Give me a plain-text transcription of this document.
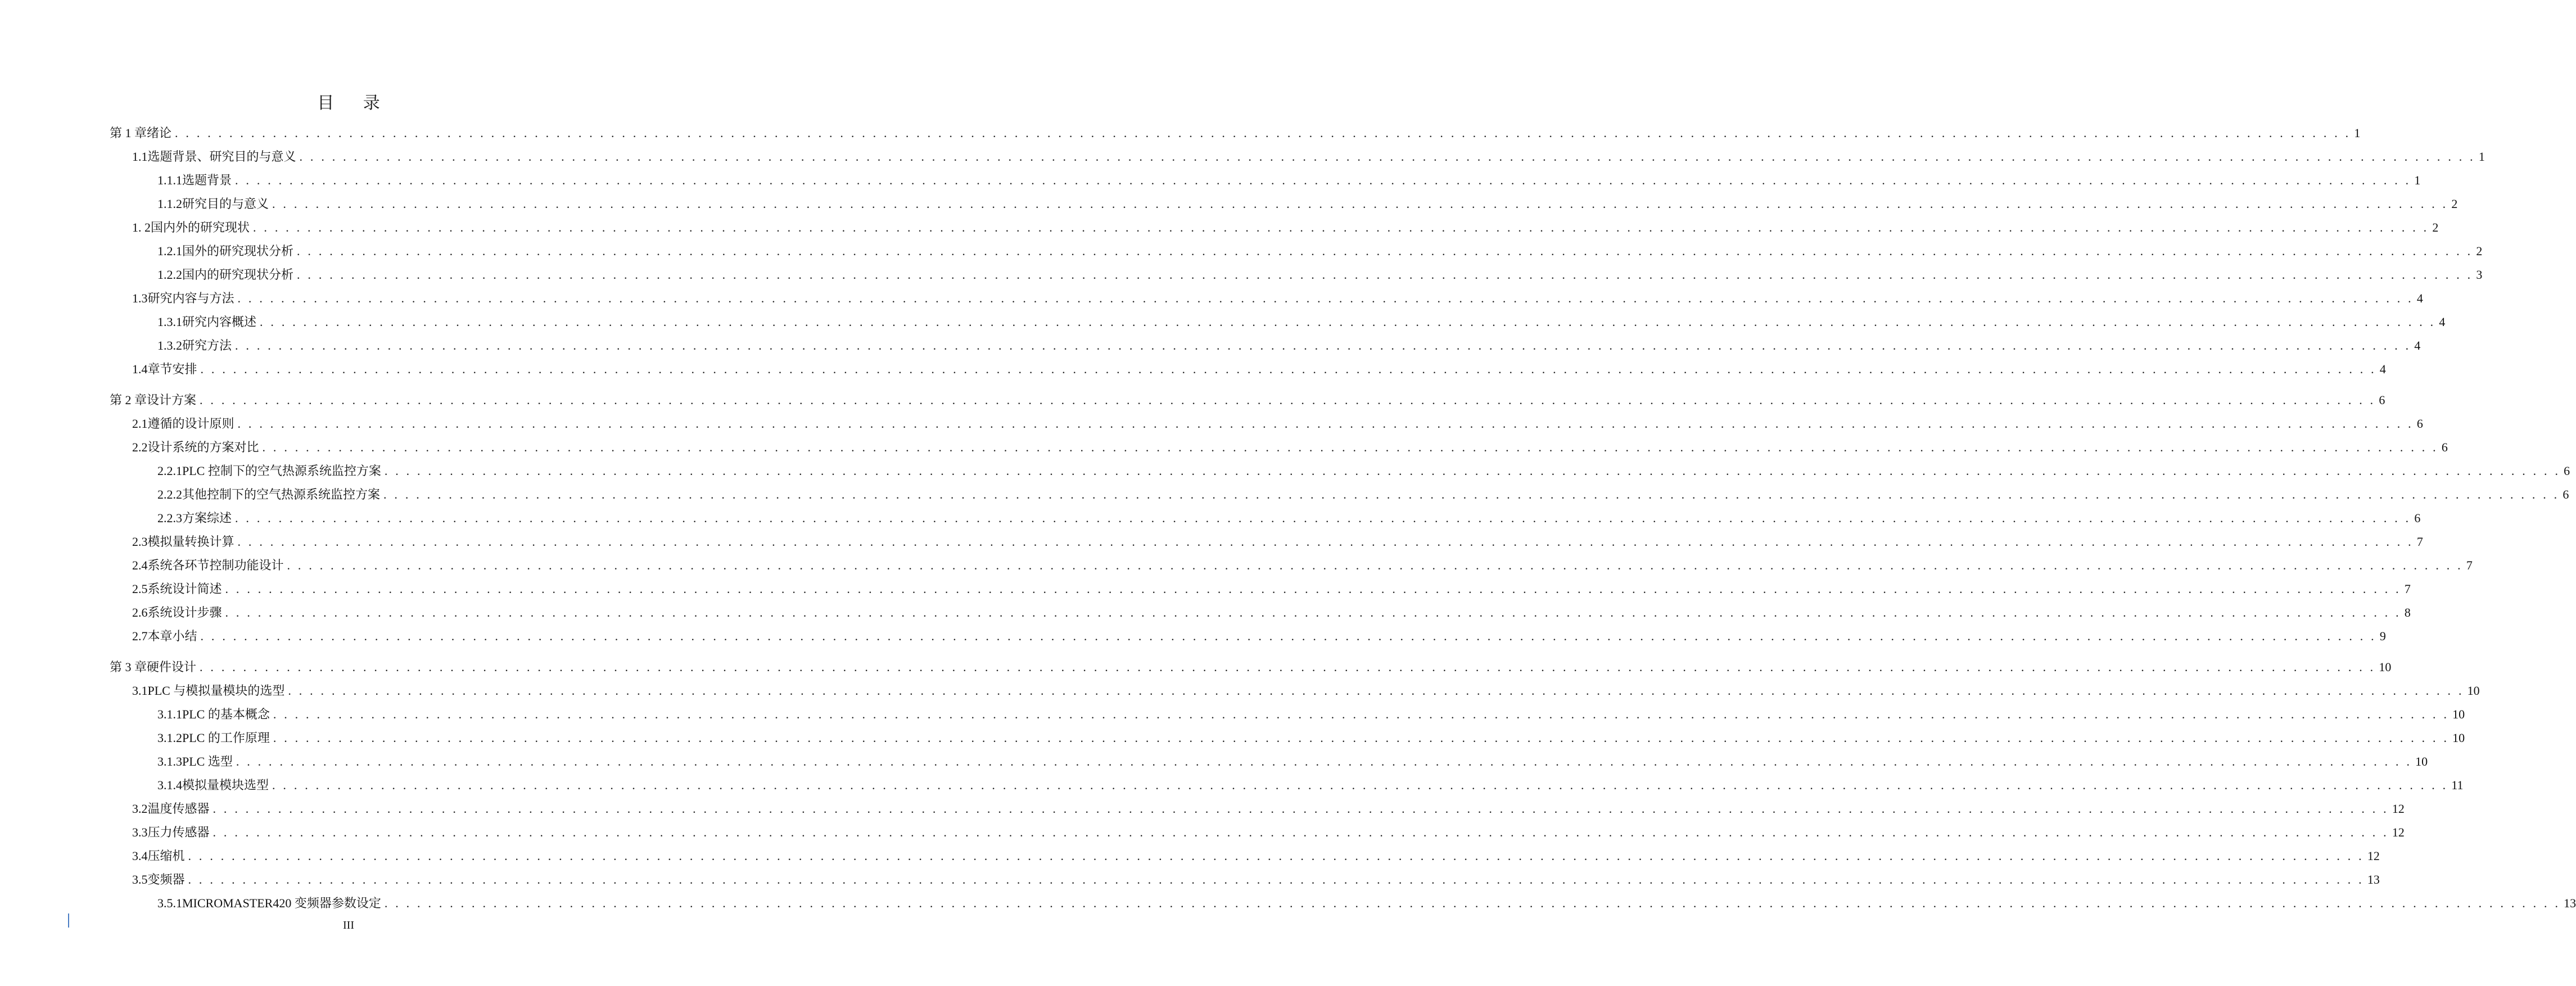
目 录
第 1 章 绪论 . . . . . . . . . . . . . . . . . . . . . . . . . . . . . . . . . . . . . . . . . . . . . . . . . . . . . . . . . . . . . . . . . . . . . . . . . . . . . . . . . . . . . . . . . . . . . . . . . . . . . . . . . . . . . . . . . . . . . . . . . . . . . . . . . . . . . . . . . . . . . . . . . . . . . . . . . . . . . . . . . . . . . . . . . . . . . . . . . . . . . . . . . . . . . . . . . . . . . . . . 1
1.1 选题背景、研究目的与意义 . . . . . . . . . . . . . . . . . . . . . . . . . . . . . . . . . . . . . . . . . . . . . . . . . . . . . . . . . . . . . . . . . . . . . . . . . . . . . . . . . . . . . . . . . . . . . . . . . . . . . . . . . . . . . . . . . . . . . . . . . . . . . . . . . . . . . . . . . . . . . . . . . . . . . . . . . . . . . . . . . . . . . . . . . . . . . . . . . . . . . . . . . . . . . . . . . . . . . . . . 1
1.1.1 选题背景 . . . . . . . . . . . . . . . . . . . . . . . . . . . . . . . . . . . . . . . . . . . . . . . . . . . . . . . . . . . . . . . . . . . . . . . . . . . . . . . . . . . . . . . . . . . . . . . . . . . . . . . . . . . . . . . . . . . . . . . . . . . . . . . . . . . . . . . . . . . . . . . . . . . . . . . . . . . . . . . . . . . . . . . . . . . . . . . . . . . . . . . . . . . . . . . . . . . . . . . . 1
1.1.2 研究目的与意义 . . . . . . . . . . . . . . . . . . . . . . . . . . . . . . . . . . . . . . . . . . . . . . . . . . . . . . . . . . . . . . . . . . . . . . . . . . . . . . . . . . . . . . . . . . . . . . . . . . . . . . . . . . . . . . . . . . . . . . . . . . . . . . . . . . . . . . . . . . . . . . . . . . . . . . . . . . . . . . . . . . . . . . . . . . . . . . . . . . . . . . . . . . . . . . . . . . . . . . . . 2
1. 2 国内外的研究现状 . . . . . . . . . . . . . . . . . . . . . . . . . . . . . . . . . . . . . . . . . . . . . . . . . . . . . . . . . . . . . . . . . . . . . . . . . . . . . . . . . . . . . . . . . . . . . . . . . . . . . . . . . . . . . . . . . . . . . . . . . . . . . . . . . . . . . . . . . . . . . . . . . . . . . . . . . . . . . . . . . . . . . . . . . . . . . . . . . . . . . . . . . . . . . . . . . . . . . . . . 2
1.2.1 国外的研究现状分析 . . . . . . . . . . . . . . . . . . . . . . . . . . . . . . . . . . . . . . . . . . . . . . . . . . . . . . . . . . . . . . . . . . . . . . . . . . . . . . . . . . . . . . . . . . . . . . . . . . . . . . . . . . . . . . . . . . . . . . . . . . . . . . . . . . . . . . . . . . . . . . . . . . . . . . . . . . . . . . . . . . . . . . . . . . . . . . . . . . . . . . . . . . . . . . . . . . . . . . . . 2
1.2.2 国内的研究现状分析 . . . . . . . . . . . . . . . . . . . . . . . . . . . . . . . . . . . . . . . . . . . . . . . . . . . . . . . . . . . . . . . . . . . . . . . . . . . . . . . . . . . . . . . . . . . . . . . . . . . . . . . . . . . . . . . . . . . . . . . . . . . . . . . . . . . . . . . . . . . . . . . . . . . . . . . . . . . . . . . . . . . . . . . . . . . . . . . . . . . . . . . . . . . . . . . . . . . . . . . . 3
1.3 研究内容与方法 . . . . . . . . . . . . . . . . . . . . . . . . . . . . . . . . . . . . . . . . . . . . . . . . . . . . . . . . . . . . . . . . . . . . . . . . . . . . . . . . . . . . . . . . . . . . . . . . . . . . . . . . . . . . . . . . . . . . . . . . . . . . . . . . . . . . . . . . . . . . . . . . . . . . . . . . . . . . . . . . . . . . . . . . . . . . . . . . . . . . . . . . . . . . . . . . . . . . . . . . 4
1.3.1 研究内容概述 . . . . . . . . . . . . . . . . . . . . . . . . . . . . . . . . . . . . . . . . . . . . . . . . . . . . . . . . . . . . . . . . . . . . . . . . . . . . . . . . . . . . . . . . . . . . . . . . . . . . . . . . . . . . . . . . . . . . . . . . . . . . . . . . . . . . . . . . . . . . . . . . . . . . . . . . . . . . . . . . . . . . . . . . . . . . . . . . . . . . . . . . . . . . . . . . . . . . . . . . 4
1.3.2 研究方法 . . . . . . . . . . . . . . . . . . . . . . . . . . . . . . . . . . . . . . . . . . . . . . . . . . . . . . . . . . . . . . . . . . . . . . . . . . . . . . . . . . . . . . . . . . . . . . . . . . . . . . . . . . . . . . . . . . . . . . . . . . . . . . . . . . . . . . . . . . . . . . . . . . . . . . . . . . . . . . . . . . . . . . . . . . . . . . . . . . . . . . . . . . . . . . . . . . . . . . . . 4
1.4 章节安排 . . . . . . . . . . . . . . . . . . . . . . . . . . . . . . . . . . . . . . . . . . . . . . . . . . . . . . . . . . . . . . . . . . . . . . . . . . . . . . . . . . . . . . . . . . . . . . . . . . . . . . . . . . . . . . . . . . . . . . . . . . . . . . . . . . . . . . . . . . . . . . . . . . . . . . . . . . . . . . . . . . . . . . . . . . . . . . . . . . . . . . . . . . . . . . . . . . . . . . . . 4
第 2 章 设计方案 . . . . . . . . . . . . . . . . . . . . . . . . . . . . . . . . . . . . . . . . . . . . . . . . . . . . . . . . . . . . . . . . . . . . . . . . . . . . . . . . . . . . . . . . . . . . . . . . . . . . . . . . . . . . . . . . . . . . . . . . . . . . . . . . . . . . . . . . . . . . . . . . . . . . . . . . . . . . . . . . . . . . . . . . . . . . . . . . . . . . . . . . . . . . . . . . . . . . . . . . 6
2.1 遵循的设计原则 . . . . . . . . . . . . . . . . . . . . . . . . . . . . . . . . . . . . . . . . . . . . . . . . . . . . . . . . . . . . . . . . . . . . . . . . . . . . . . . . . . . . . . . . . . . . . . . . . . . . . . . . . . . . . . . . . . . . . . . . . . . . . . . . . . . . . . . . . . . . . . . . . . . . . . . . . . . . . . . . . . . . . . . . . . . . . . . . . . . . . . . . . . . . . . . . . . . . . . . . 6
2.2 设计系统的方案对比 . . . . . . . . . . . . . . . . . . . . . . . . . . . . . . . . . . . . . . . . . . . . . . . . . . . . . . . . . . . . . . . . . . . . . . . . . . . . . . . . . . . . . . . . . . . . . . . . . . . . . . . . . . . . . . . . . . . . . . . . . . . . . . . . . . . . . . . . . . . . . . . . . . . . . . . . . . . . . . . . . . . . . . . . . . . . . . . . . . . . . . . . . . . . . . . . . . . . . . . . 6
2.2.1 PLC 控制下的空气热源系统监控方案 . . . . . . . . . . . . . . . . . . . . . . . . . . . . . . . . . . . . . . . . . . . . . . . . . . . . . . . . . . . . . . . . . . . . . . . . . . . . . . . . . . . . . . . . . . . . . . . . . . . . . . . . . . . . . . . . . . . . . . . . . . . . . . . . . . . . . . . . . . . . . . . . . . . . . . . . . . . . . . . . . . . . . . . . . . . . . . . . . . . . . . . . . . . . . . . . . . . . . . . . 6
2.2.2 其他控制下的空气热源系统监控方案 . . . . . . . . . . . . . . . . . . . . . . . . . . . . . . . . . . . . . . . . . . . . . . . . . . . . . . . . . . . . . . . . . . . . . . . . . . . . . . . . . . . . . . . . . . . . . . . . . . . . . . . . . . . . . . . . . . . . . . . . . . . . . . . . . . . . . . . . . . . . . . . . . . . . . . . . . . . . . . . . . . . . . . . . . . . . . . . . . . . . . . . . . . . . . . . . . . . . . . . . 6
2.2.3 方案综述 . . . . . . . . . . . . . . . . . . . . . . . . . . . . . . . . . . . . . . . . . . . . . . . . . . . . . . . . . . . . . . . . . . . . . . . . . . . . . . . . . . . . . . . . . . . . . . . . . . . . . . . . . . . . . . . . . . . . . . . . . . . . . . . . . . . . . . . . . . . . . . . . . . . . . . . . . . . . . . . . . . . . . . . . . . . . . . . . . . . . . . . . . . . . . . . . . . . . . . . . 6
2.3 模拟量转换计算 . . . . . . . . . . . . . . . . . . . . . . . . . . . . . . . . . . . . . . . . . . . . . . . . . . . . . . . . . . . . . . . . . . . . . . . . . . . . . . . . . . . . . . . . . . . . . . . . . . . . . . . . . . . . . . . . . . . . . . . . . . . . . . . . . . . . . . . . . . . . . . . . . . . . . . . . . . . . . . . . . . . . . . . . . . . . . . . . . . . . . . . . . . . . . . . . . . . . . . . . 7
2.4 系统各环节控制功能设计 . . . . . . . . . . . . . . . . . . . . . . . . . . . . . . . . . . . . . . . . . . . . . . . . . . . . . . . . . . . . . . . . . . . . . . . . . . . . . . . . . . . . . . . . . . . . . . . . . . . . . . . . . . . . . . . . . . . . . . . . . . . . . . . . . . . . . . . . . . . . . . . . . . . . . . . . . . . . . . . . . . . . . . . . . . . . . . . . . . . . . . . . . . . . . . . . . . . . . . . . 7
2.5 系统设计简述 . . . . . . . . . . . . . . . . . . . . . . . . . . . . . . . . . . . . . . . . . . . . . . . . . . . . . . . . . . . . . . . . . . . . . . . . . . . . . . . . . . . . . . . . . . . . . . . . . . . . . . . . . . . . . . . . . . . . . . . . . . . . . . . . . . . . . . . . . . . . . . . . . . . . . . . . . . . . . . . . . . . . . . . . . . . . . . . . . . . . . . . . . . . . . . . . . . . . . . . . 7
2.6 系统设计步骤 . . . . . . . . . . . . . . . . . . . . . . . . . . . . . . . . . . . . . . . . . . . . . . . . . . . . . . . . . . . . . . . . . . . . . . . . . . . . . . . . . . . . . . . . . . . . . . . . . . . . . . . . . . . . . . . . . . . . . . . . . . . . . . . . . . . . . . . . . . . . . . . . . . . . . . . . . . . . . . . . . . . . . . . . . . . . . . . . . . . . . . . . . . . . . . . . . . . . . . . . 8
2.7 本章小结 . . . . . . . . . . . . . . . . . . . . . . . . . . . . . . . . . . . . . . . . . . . . . . . . . . . . . . . . . . . . . . . . . . . . . . . . . . . . . . . . . . . . . . . . . . . . . . . . . . . . . . . . . . . . . . . . . . . . . . . . . . . . . . . . . . . . . . . . . . . . . . . . . . . . . . . . . . . . . . . . . . . . . . . . . . . . . . . . . . . . . . . . . . . . . . . . . . . . . . . . 9
第 3 章 硬件设计 . . . . . . . . . . . . . . . . . . . . . . . . . . . . . . . . . . . . . . . . . . . . . . . . . . . . . . . . . . . . . . . . . . . . . . . . . . . . . . . . . . . . . . . . . . . . . . . . . . . . . . . . . . . . . . . . . . . . . . . . . . . . . . . . . . . . . . . . . . . . . . . . . . . . . . . . . . . . . . . . . . . . . . . . . . . . . . . . . . . . . . . . . . . . . . . . . . . . . . . . 10
3.1 PLC 与模拟量模块的选型 . . . . . . . . . . . . . . . . . . . . . . . . . . . . . . . . . . . . . . . . . . . . . . . . . . . . . . . . . . . . . . . . . . . . . . . . . . . . . . . . . . . . . . . . . . . . . . . . . . . . . . . . . . . . . . . . . . . . . . . . . . . . . . . . . . . . . . . . . . . . . . . . . . . . . . . . . . . . . . . . . . . . . . . . . . . . . . . . . . . . . . . . . . . . . . . . . . . . . . . . 10
3.1.1 PLC 的基本概念 . . . . . . . . . . . . . . . . . . . . . . . . . . . . . . . . . . . . . . . . . . . . . . . . . . . . . . . . . . . . . . . . . . . . . . . . . . . . . . . . . . . . . . . . . . . . . . . . . . . . . . . . . . . . . . . . . . . . . . . . . . . . . . . . . . . . . . . . . . . . . . . . . . . . . . . . . . . . . . . . . . . . . . . . . . . . . . . . . . . . . . . . . . . . . . . . . . . . . . . . 10
3.1.2 PLC 的工作原理 . . . . . . . . . . . . . . . . . . . . . . . . . . . . . . . . . . . . . . . . . . . . . . . . . . . . . . . . . . . . . . . . . . . . . . . . . . . . . . . . . . . . . . . . . . . . . . . . . . . . . . . . . . . . . . . . . . . . . . . . . . . . . . . . . . . . . . . . . . . . . . . . . . . . . . . . . . . . . . . . . . . . . . . . . . . . . . . . . . . . . . . . . . . . . . . . . . . . . . . . 10
3.1.3 PLC 选型 . . . . . . . . . . . . . . . . . . . . . . . . . . . . . . . . . . . . . . . . . . . . . . . . . . . . . . . . . . . . . . . . . . . . . . . . . . . . . . . . . . . . . . . . . . . . . . . . . . . . . . . . . . . . . . . . . . . . . . . . . . . . . . . . . . . . . . . . . . . . . . . . . . . . . . . . . . . . . . . . . . . . . . . . . . . . . . . . . . . . . . . . . . . . . . . . . . . . . . . . 10
3.1.4 模拟量模块选型 . . . . . . . . . . . . . . . . . . . . . . . . . . . . . . . . . . . . . . . . . . . . . . . . . . . . . . . . . . . . . . . . . . . . . . . . . . . . . . . . . . . . . . . . . . . . . . . . . . . . . . . . . . . . . . . . . . . . . . . . . . . . . . . . . . . . . . . . . . . . . . . . . . . . . . . . . . . . . . . . . . . . . . . . . . . . . . . . . . . . . . . . . . . . . . . . . . . . . . . . 11
3.2 温度传感器 . . . . . . . . . . . . . . . . . . . . . . . . . . . . . . . . . . . . . . . . . . . . . . . . . . . . . . . . . . . . . . . . . . . . . . . . . . . . . . . . . . . . . . . . . . . . . . . . . . . . . . . . . . . . . . . . . . . . . . . . . . . . . . . . . . . . . . . . . . . . . . . . . . . . . . . . . . . . . . . . . . . . . . . . . . . . . . . . . . . . . . . . . . . . . . . . . . . . . . . . 12
3.3 压力传感器 . . . . . . . . . . . . . . . . . . . . . . . . . . . . . . . . . . . . . . . . . . . . . . . . . . . . . . . . . . . . . . . . . . . . . . . . . . . . . . . . . . . . . . . . . . . . . . . . . . . . . . . . . . . . . . . . . . . . . . . . . . . . . . . . . . . . . . . . . . . . . . . . . . . . . . . . . . . . . . . . . . . . . . . . . . . . . . . . . . . . . . . . . . . . . . . . . . . . . . . . 12
3.4 压缩机 . . . . . . . . . . . . . . . . . . . . . . . . . . . . . . . . . . . . . . . . . . . . . . . . . . . . . . . . . . . . . . . . . . . . . . . . . . . . . . . . . . . . . . . . . . . . . . . . . . . . . . . . . . . . . . . . . . . . . . . . . . . . . . . . . . . . . . . . . . . . . . . . . . . . . . . . . . . . . . . . . . . . . . . . . . . . . . . . . . . . . . . . . . . . . . . . . . . . . . . . 12
3.5 变频器 . . . . . . . . . . . . . . . . . . . . . . . . . . . . . . . . . . . . . . . . . . . . . . . . . . . . . . . . . . . . . . . . . . . . . . . . . . . . . . . . . . . . . . . . . . . . . . . . . . . . . . . . . . . . . . . . . . . . . . . . . . . . . . . . . . . . . . . . . . . . . . . . . . . . . . . . . . . . . . . . . . . . . . . . . . . . . . . . . . . . . . . . . . . . . . . . . . . . . . . . 13
3.5.1 MICROMASTER420 变频器参数设定 . . . . . . . . . . . . . . . . . . . . . . . . . . . . . . . . . . . . . . . . . . . . . . . . . . . . . . . . . . . . . . . . . . . . . . . . . . . . . . . . . . . . . . . . . . . . . . . . . . . . . . . . . . . . . . . . . . . . . . . . . . . . . . . . . . . . . . . . . . . . . . . . . . . . . . . . . . . . . . . . . . . . . . . . . . . . . . . . . . . . . . . . . . . . . . . . . . . . . . . . 13
III
